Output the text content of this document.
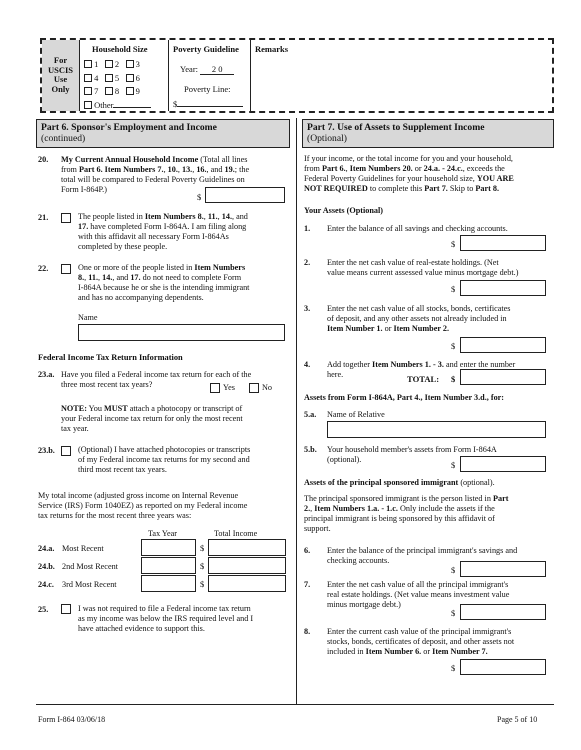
For
USCIS
Use
Only
Household Size
1 2 3
4 5 6
7 8 9
Other
Poverty Guideline
Year: 2 0
Poverty Line:
$
Remarks
Part 6. Sponsor's Employment and Income
(continued)
20. My Current Annual Household Income (Total all lines
from Part 6. Item Numbers 7., 10., 13., 16., and 19.; the
total will be compared to Federal Poverty Guidelines on
Form I-864P.)
$
21.	The people listed in Item Numbers 8., 11., 14., and
17. have completed Form I-864A. I am filing along
with this affidavit all necessary Form I-864As
completed by these people.
22.	One or more of the people listed in Item Numbers
8., 11., 14., and 17. do not need to complete Form
I-864A because he or she is the intending immigrant
and has no accompanying dependents.
Name
Federal Income Tax Return Information
23.a. Have you filed a Federal income tax return for each of the
three most recent tax years?	Yes	No
NOTE: You MUST attach a photocopy or transcript of
your Federal income tax return for only the most recent
tax year.
23.b.	(Optional) I have attached photocopies or transcripts
of my Federal income tax returns for my second and
third most recent tax years.
My total income (adjusted gross income on Internal Revenue
Service (IRS) Form 1040EZ) as reported on my Federal income
tax returns for the most recent three years was:
Tax Year	Total Income
24.a. Most Recent	$
24.b. 2nd Most Recent	$
24.c. 3rd Most Recent	$
25.	I was not required to file a Federal income tax return
as my income was below the IRS required level and I
have attached evidence to support this.
Part 7. Use of Assets to Supplement Income
(Optional)
If your income, or the total income for you and your household,
from Part 6., Item Numbers 20. or 24.a. - 24.c., exceeds the
Federal Poverty Guidelines for your household size, YOU ARE
NOT REQUIRED to complete this Part 7. Skip to Part 8.
Your Assets (Optional)
1. Enter the balance of all savings and checking accounts.
$
2. Enter the net cash value of real-estate holdings. (Net
value means current assessed value minus mortgage debt.)
$
3. Enter the net cash value of all stocks, bonds, certificates
of deposit, and any other assets not already included in
Item Number 1. or Item Number 2.
$
4. Add together Item Numbers 1. - 3. and enter the number
here.	TOTAL: $
Assets from Form I-864A, Part 4., Item Number 3.d., for:
5.a. Name of Relative
5.b. Your household member's assets from Form I-864A
(optional).
$
Assets of the principal sponsored immigrant (optional).
The principal sponsored immigrant is the person listed in Part
2., Item Numbers 1.a. - 1.c. Only include the assets if the
principal immigrant is being sponsored by this affidavit of
support.
6. Enter the balance of the principal immigrant's savings and
checking accounts.
$
7. Enter the net cash value of all the principal immigrant's
real estate holdings. (Net value means investment value
minus mortgage debt.)
$
8. Enter the current cash value of the principal immigrant's
stocks, bonds, certificates of deposit, and other assets not
included in Item Number 6. or Item Number 7.
$
Form I-864 03/06/18	Page 5 of 10
